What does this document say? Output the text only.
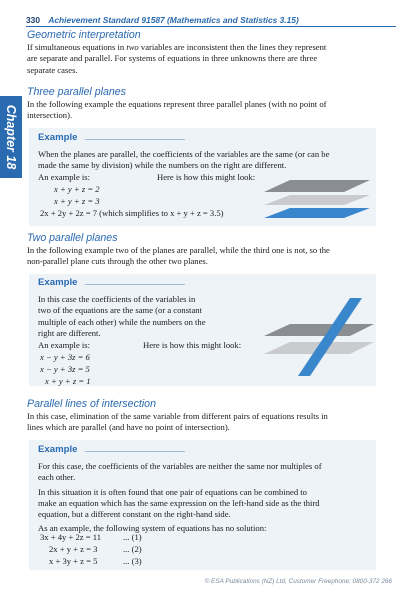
330 Achievement Standard 91587 (Mathematics and Statistics 3.15)
Chapter 18
Geometric interpretation
If simultaneous equations in two variables are inconsistent then the lines they represent
are separate and parallel. For systems of equations in three unknowns there are three
separate cases.
Three parallel planes
In the following example the equations represent three parallel planes (with no point of
intersection).
Example
When the planes are parallel, the coefficients of the variables are the same (or can be
made the same by division) while the numbers on the right are different.
An example is:	Here is how this might look:
x + y + z = 2
x + y + z = 3
2x + 2y + 2z = 7 (which simplifies to x + y + z = 3.5)
Two parallel planes
In the following example two of the planes are parallel, while the third one is not, so the
non-parallel plane cuts through the other two planes.
Example
In this case the coefficients of the variables in
two of the equations are the same (or a constant
multiple of each other) while the numbers on the
right are different.
An example is:	Here is how this might look:
x − y + 3z = 6
x − y + 3z = 5
x + y + z = 1
Parallel lines of intersection
In this case, elimination of the same variable from different pairs of equations results in
lines which are parallel (and have no point of intersection).
Example
For this case, the coefficients of the variables are neither the same nor multiples of
each other.
In this situation it is often found that one pair of equations can be combined to
make an equation which has the same expression on the left-hand side as the third
equation, but a different constant on the right-hand side.
As an example, the following system of equations has no solution:
3x + 4y + 2z = 11	... (1)
2x + y + z = 3	... (2)
x + 3y + z = 5	... (3)
© ESA Publications (NZ) Ltd, Customer Freephone: 0800-372 266
